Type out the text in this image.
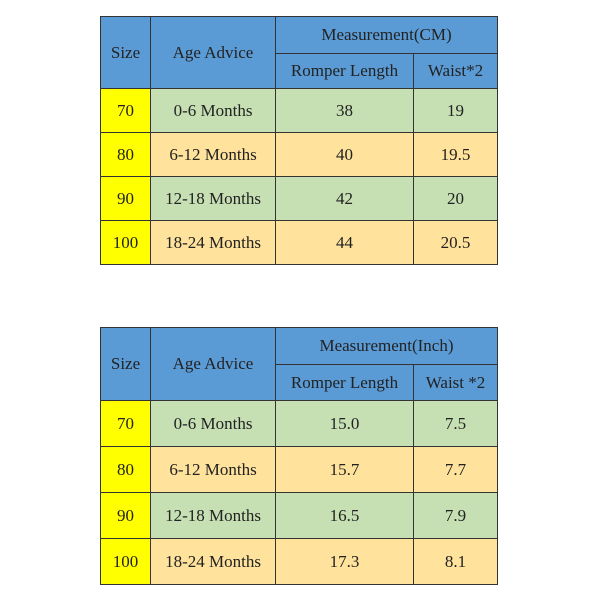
Size	Age Advice	Measurement(CM)	
		Romper Length	Waist*2
70	0-6 Months	38	19
80	6-12 Months	40	19.5
90	12-18 Months	42	20
100	18-24 Months	44	20.5
Size	Age Advice	Measurement(Inch)	
		Romper Length	Waist *2
70	0-6 Months	15.0	7.5
80	6-12 Months	15.7	7.7
90	12-18 Months	16.5	7.9
100	18-24 Months	17.3	8.1
